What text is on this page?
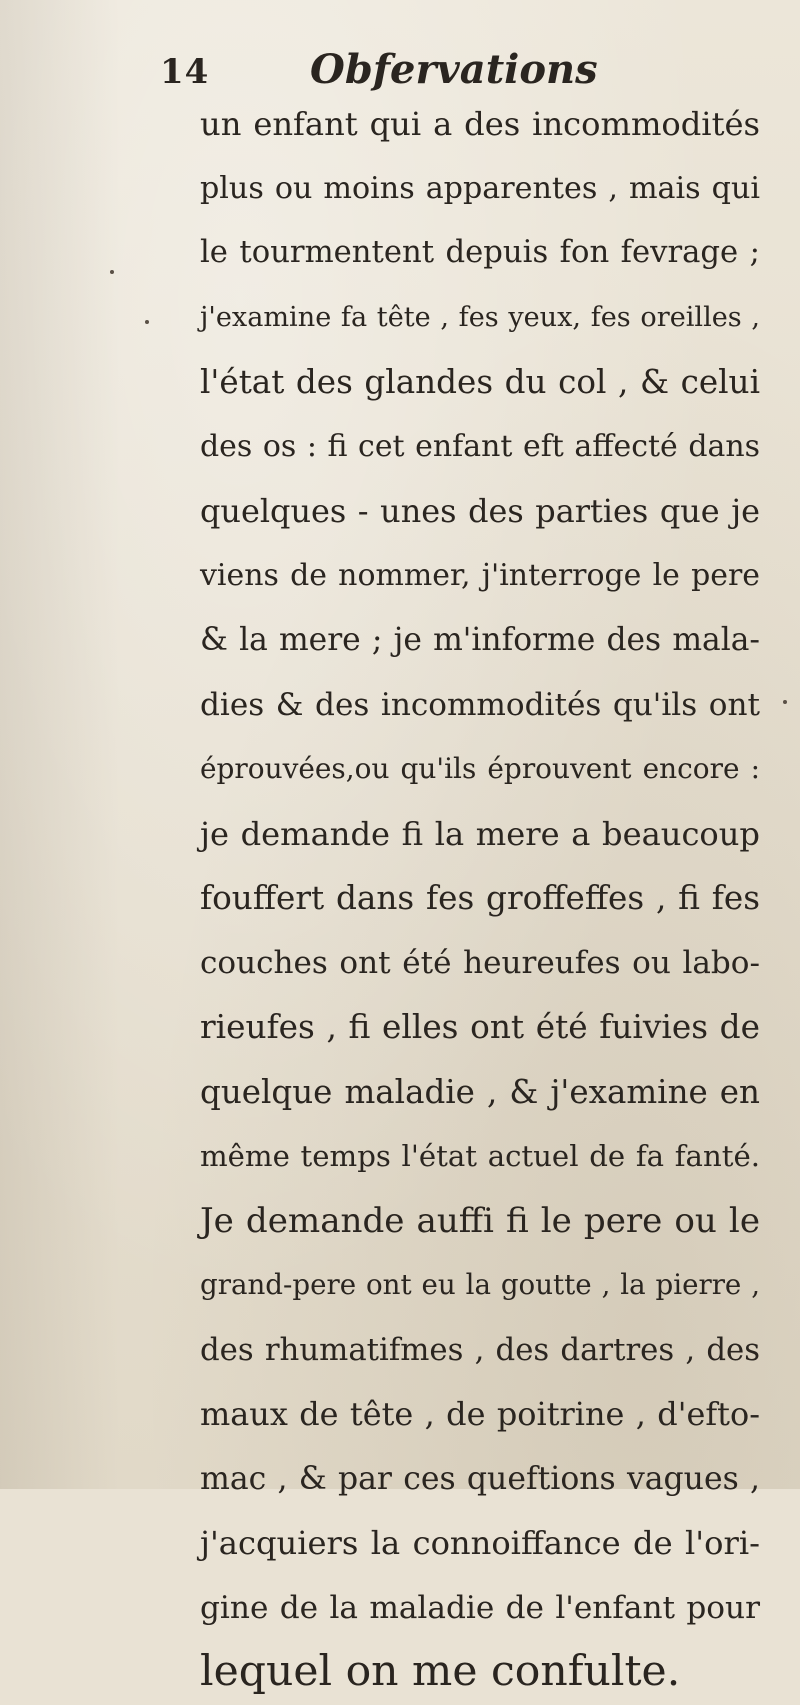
14	Obfervations
un enfant qui a des incommodités
plus ou moins apparentes , mais qui
le tourmentent depuis fon fevrage ;
j'examine fa tête , fes yeux, fes oreilles ,
l'état des glandes du col , & celui
des os : fi cet enfant eft affecté dans
quelques - unes des parties que je
viens de nommer, j'interroge le pere
& la mere ; je m'informe des mala-
dies & des incommodités qu'ils ont
éprouvées,ou qu'ils éprouvent encore :
je demande fi la mere a beaucoup
fouffert dans fes groffeffes , fi fes
couches ont été heureufes ou labo-
rieufes , fi elles ont été fuivies de
quelque maladie , & j'examine en
même temps l'état actuel de fa fanté.
Je demande auffi fi le pere ou le
grand-pere ont eu la goutte , la pierre ,
des rhumatifmes , des dartres , des
maux de tête , de poitrine , d'efto-
mac , & par ces queftions vagues ,
j'acquiers la connoiffance de l'ori-
gine de la maladie de l'enfant pour
lequel on me confulte.
